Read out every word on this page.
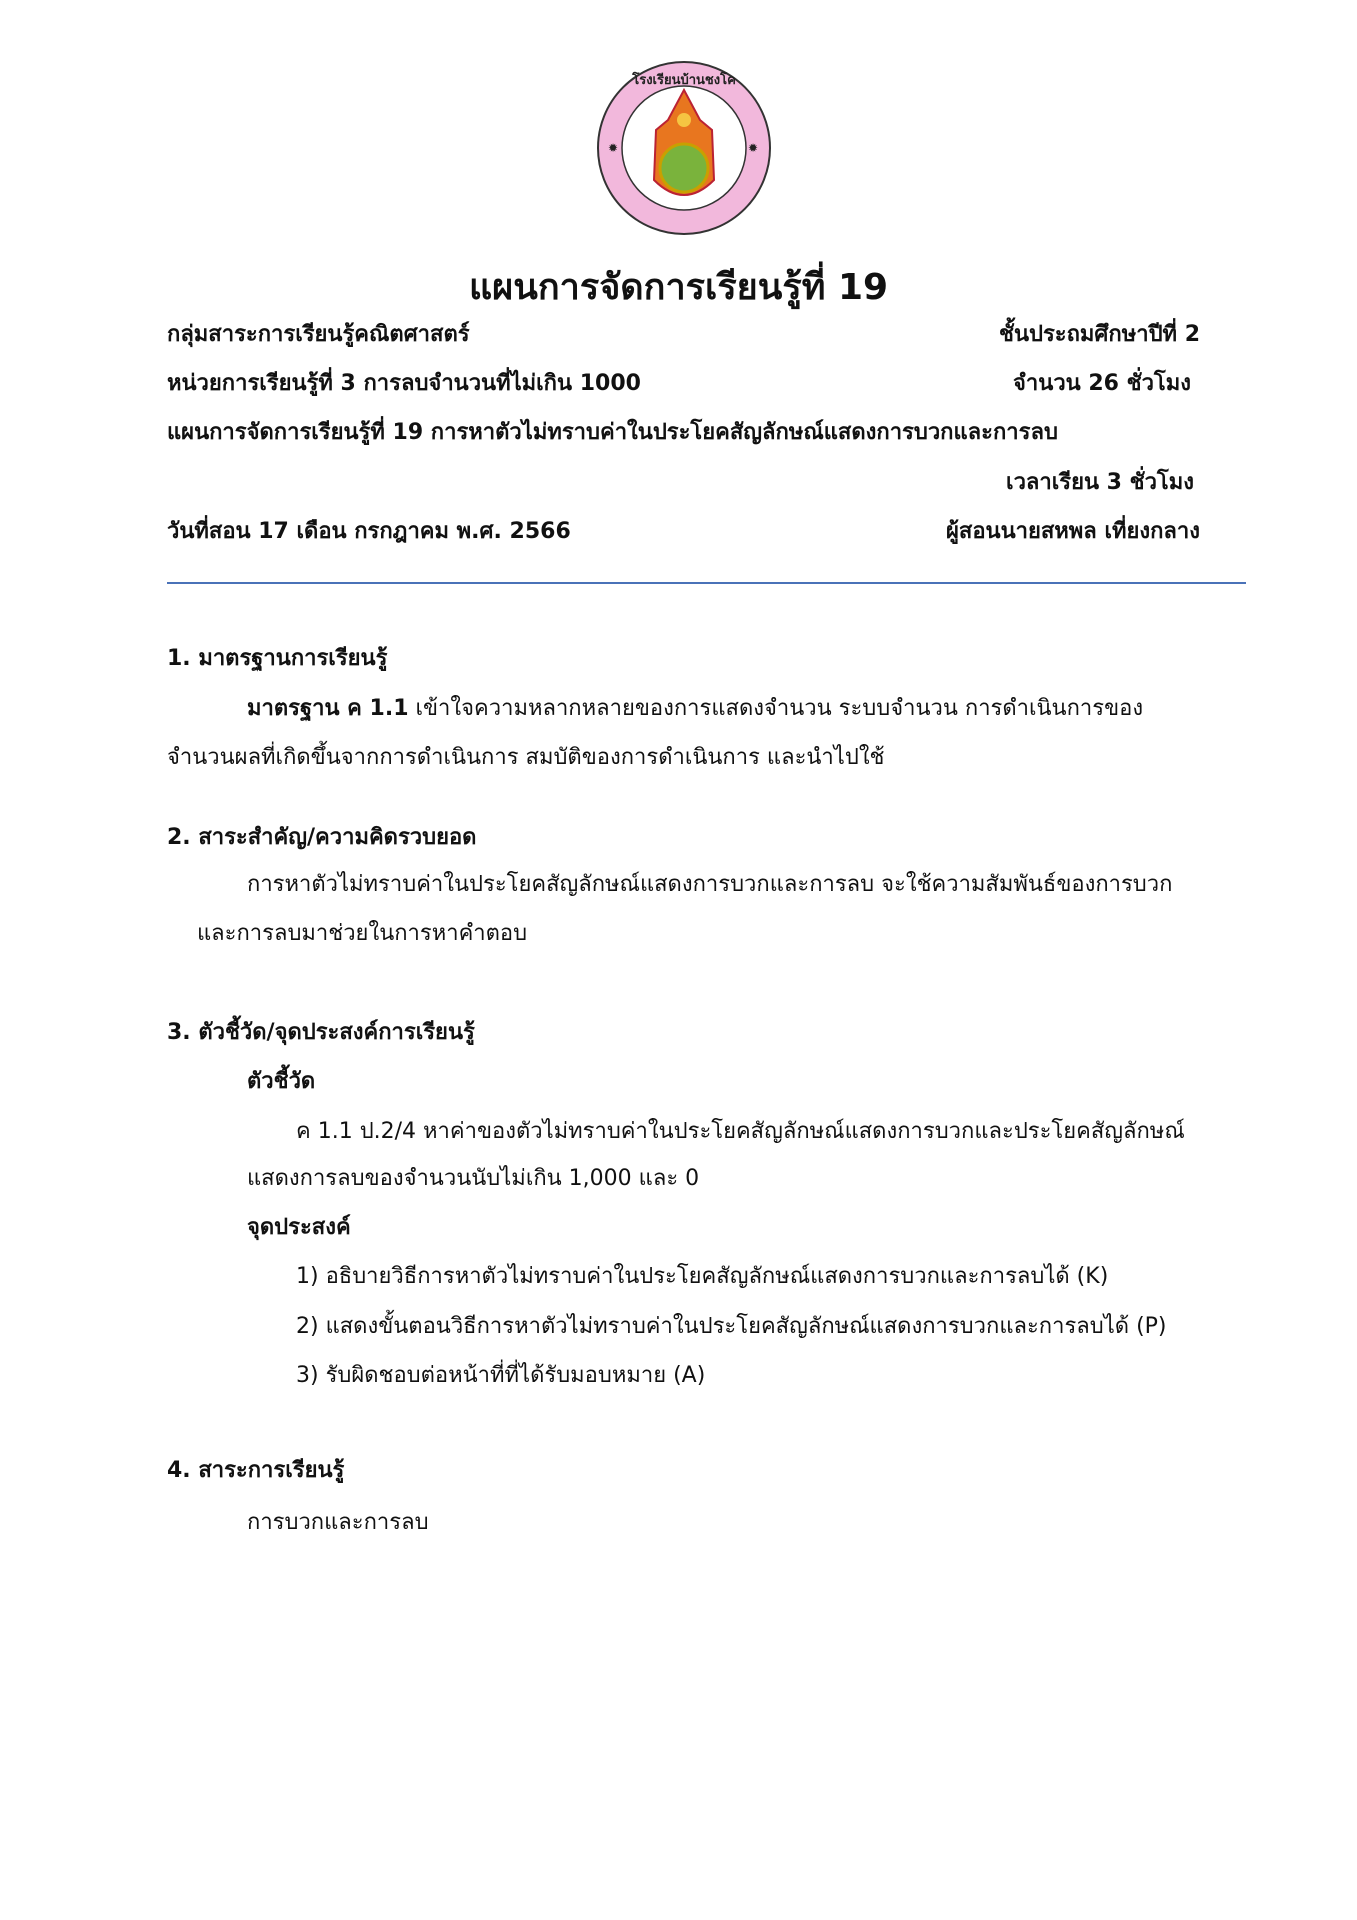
โรงเรียนบ้านชงโค
✹	✹
แผนการจัดการเรียนรู้ที่ 19
กลุ่มสาระการเรียนรู้คณิตศาสตร์	ชั้นประถมศึกษาปีที่ 2
หน่วยการเรียนรู้ที่ 3 การลบจำนวนที่ไม่เกิน 1000	จำนวน 26 ชั่วโมง
แผนการจัดการเรียนรู้ที่ 19 การหาตัวไม่ทราบค่าในประโยคสัญลักษณ์แสดงการบวกและการลบ
เวลาเรียน 3 ชั่วโมง
วันที่สอน 17 เดือน กรกฎาคม พ.ศ. 2566	ผู้สอนนายสหพล เที่ยงกลาง
1. มาตรฐานการเรียนรู้
มาตรฐาน ค 1.1 เข้าใจความหลากหลายของการแสดงจำนวน ระบบจำนวน การดำเนินการของ
จำนวนผลที่เกิดขึ้นจากการดำเนินการ สมบัติของการดำเนินการ และนำไปใช้
2. สาระสำคัญ/ความคิดรวบยอด
การหาตัวไม่ทราบค่าในประโยคสัญลักษณ์แสดงการบวกและการลบ จะใช้ความสัมพันธ์ของการบวก
และการลบมาช่วยในการหาคำตอบ
3. ตัวชี้วัด/จุดประสงค์การเรียนรู้
ตัวชี้วัด
ค 1.1 ป.2/4 หาค่าของตัวไม่ทราบค่าในประโยคสัญลักษณ์แสดงการบวกและประโยคสัญลักษณ์
แสดงการลบของจำนวนนับไม่เกิน 1,000 และ 0
จุดประสงค์
1) อธิบายวิธีการหาตัวไม่ทราบค่าในประโยคสัญลักษณ์แสดงการบวกและการลบได้ (K)
2) แสดงขั้นตอนวิธีการหาตัวไม่ทราบค่าในประโยคสัญลักษณ์แสดงการบวกและการลบได้ (P)
3) รับผิดชอบต่อหน้าที่ที่ได้รับมอบหมาย (A)
4. สาระการเรียนรู้
การบวกและการลบ
